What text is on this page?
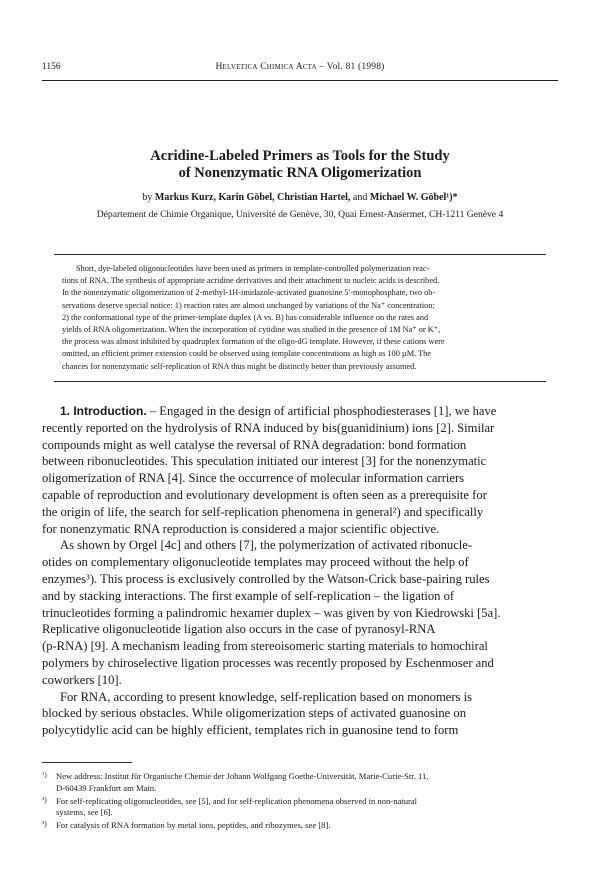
1156	Helvetica Chimica Acta – Vol. 81 (1998)
Acridine-Labeled Primers as Tools for the Study
of Nonenzymatic RNA Oligomerization
by Markus Kurz, Karin Göbel, Christian Hartel, and Michael W. Göbel¹)*
Département de Chimie Organique, Université de Genève, 30, Quai Ernest-Ansermet, CH-1211 Genève 4
Short, dye-labeled oligonucleotides have been used as primers in template-controlled polymerization reac-
tions of RNA. The synthesis of appropriate acridine derivatives and their attachment to nucleic acids is described.
In the nonenzymatic oligomerization of 2-methyl-1H-imidazole-activated guanosine 5′-monophosphate, two ob-
servations deserve special notice: 1) reaction rates are almost unchanged by variations of the Na⁺ concentration;
2) the conformational type of the primer-template duplex (A vs. B) has considerable influence on the rates and
yields of RNA oligomerization. When the incorporation of cytidine was studied in the presence of 1M Na⁺ or K⁺,
the process was almost inhibited by quadruplex formation of the oligo-dG template. However, if these cations were
omitted, an efficient primer extension could be observed using template concentrations as high as 100 µM. The
chances for nonenzymatic self-replication of RNA thus might be distinctly better than previously assumed.
1. Introduction. – Engaged in the design of artificial phosphodiesterases [1], we have
recently reported on the hydrolysis of RNA induced by bis(guanidinium) ions [2]. Similar
compounds might as well catalyse the reversal of RNA degradation: bond formation
between ribonucleotides. This speculation initiated our interest [3] for the nonenzymatic
oligomerization of RNA [4]. Since the occurrence of molecular information carriers
capable of reproduction and evolutionary development is often seen as a prerequisite for
the origin of life, the search for self-replication phenomena in general²) and specifically
for nonenzymatic RNA reproduction is considered a major scientific objective.
As shown by Orgel [4c] and others [7], the polymerization of activated ribonucle-
otides on complementary oligonucleotide templates may proceed without the help of
enzymes³). This process is exclusively controlled by the Watson-Crick base-pairing rules
and by stacking interactions. The first example of self-replication – the ligation of
trinucleotides forming a palindromic hexamer duplex – was given by von Kiedrowski [5a].
Replicative oligonucleotide ligation also occurs in the case of pyranosyl-RNA
(p-RNA) [9]. A mechanism leading from stereoisomeric starting materials to homochiral
polymers by chiroselective ligation processes was recently proposed by Eschenmoser and
coworkers [10].
For RNA, according to present knowledge, self-replication based on monomers is
blocked by serious obstacles. While oligomerization steps of activated guanosine on
polycytidylic acid can be highly efficient, templates rich in guanosine tend to form
¹) New address: Institut für Organische Chemie der Johann Wolfgang Goethe-Universität, Marie-Curie-Str. 11,
D-60439 Frankfurt am Main.
²) For self-replicating oligonucleotides, see [5], and for self-replication phenomena observed in non-natural
systems, see [6].
³) For catalysis of RNA formation by metal ions, peptides, and ribozymes, see [8].
